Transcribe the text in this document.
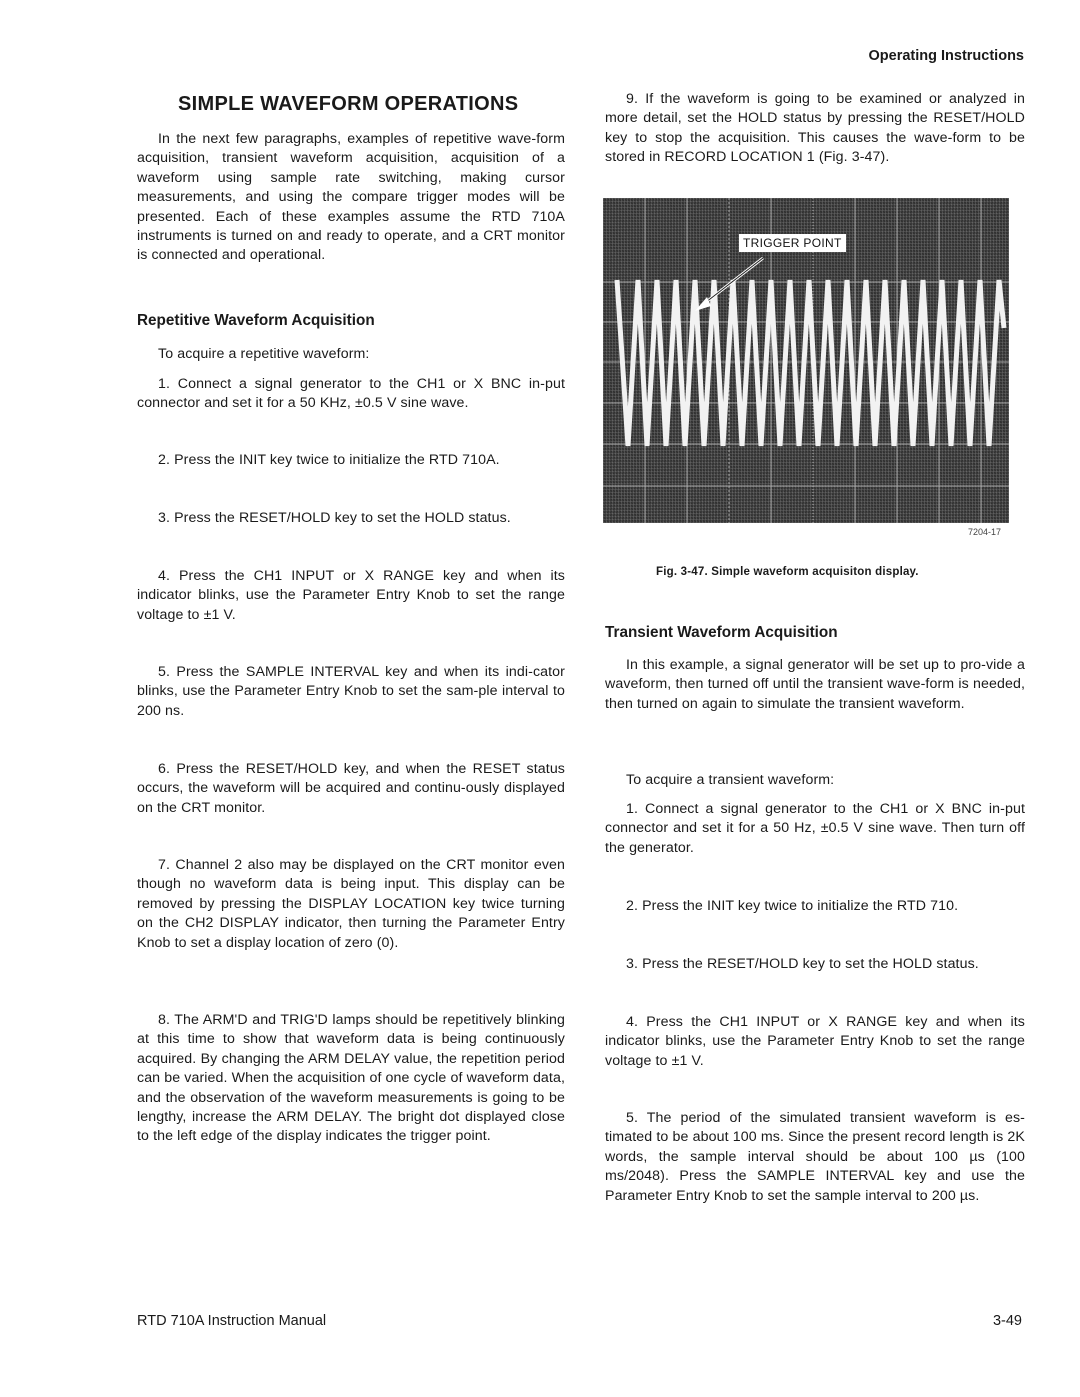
Operating Instructions
SIMPLE WAVEFORM OPERATIONS

In the next few paragraphs, examples of repetitive wave-form acquisition, transient waveform acquisition, acquisition of a waveform using sample rate switching, making cursor measurements, and using the compare trigger modes will be presented. Each of these examples assume the RTD 710A instruments is turned on and ready to operate, and a CRT monitor is connected and operational.

Repetitive Waveform Acquisition

To acquire a repetitive waveform:

1. Connect a signal generator to the CH1 or X BNC in-put connector and set it for a 50 KHz, ±0.5 V sine wave.

2. Press the INIT key twice to initialize the RTD 710A.

3. Press the RESET/HOLD key to set the HOLD status.

4. Press the CH1 INPUT or X RANGE key and when its indicator blinks, use the Parameter Entry Knob to set the range voltage to ±1 V.

5. Press the SAMPLE INTERVAL key and when its indi-cator blinks, use the Parameter Entry Knob to set the sam-ple interval to 200 ns.

6. Press the RESET/HOLD key, and when the RESET status occurs, the waveform will be acquired and continu-ously displayed on the CRT monitor.

7. Channel 2 also may be displayed on the CRT monitor even though no waveform data is being input. This display can be removed by pressing the DISPLAY LOCATION key twice turning on the CH2 DISPLAY indicator, then turning the Parameter Entry Knob to set a display location of zero (0).

8. The ARM'D and TRIG'D lamps should be repetitively blinking at this time to show that waveform data is being continuously acquired. By changing the ARM DELAY value, the repetition period can be varied. When the acquisition of one cycle of waveform data, and the observation of the waveform measurements is going to be lengthy, increase the ARM DELAY. The bright dot displayed close to the left edge of the display indicates the trigger point.

9. If the waveform is going to be examined or analyzed in more detail, set the HOLD status by pressing the RESET/HOLD key to stop the acquisition. This causes the wave-form to be stored in RECORD LOCATION 1 (Fig. 3-47).

TRIGGER POINT
7204-17
Fig. 3-47. Simple waveform acquisiton display.
Transient Waveform Acquisition

In this example, a signal generator will be set up to pro-vide a waveform, then turned off until the transient wave-form is needed, then turned on again to simulate the transient waveform.

To acquire a transient waveform:

1. Connect a signal generator to the CH1 or X BNC in-put connector and set it for a 50 Hz, ±0.5 V sine wave. Then turn off the generator.

2. Press the INIT key twice to initialize the RTD 710.

3. Press the RESET/HOLD key to set the HOLD status.

4. Press the CH1 INPUT or X RANGE key and when its indicator blinks, use the Parameter Entry Knob to set the range voltage to ±1 V.

5. The period of the simulated transient waveform is es-timated to be about 100 ms. Since the present record length is 2K words, the sample interval should be about 100 µs (100 ms/2048). Press the SAMPLE INTERVAL key and use the Parameter Entry Knob to set the sample interval to 200 µs.

RTD 710A Instruction Manual	3-49
